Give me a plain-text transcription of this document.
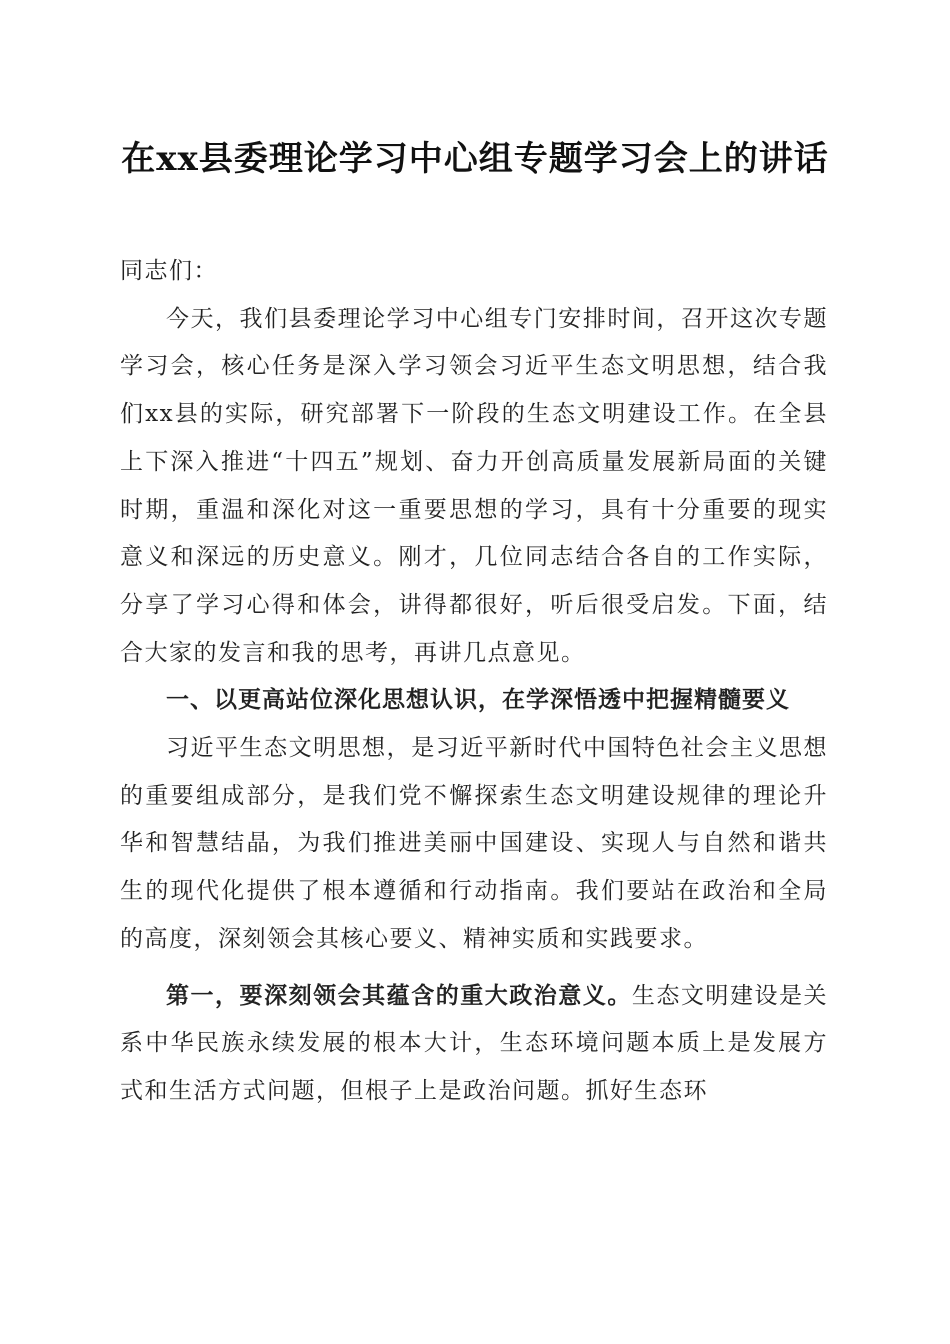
在xx县委理论学习中心组专题学习会上的讲话

同志们：

今天，我们县委理论学习中心组专门安排时间，召开这次专题学习会，核心任务是深入学习领会习近平生态文明思想，结合我们xx县的实际，研究部署下一阶段的生态文明建设工作。在全县上下深入推进“十四五”规划、奋力开创高质量发展新局面的关键时期，重温和深化对这一重要思想的学习，具有十分重要的现实意义和深远的历史意义。刚才，几位同志结合各自的工作实际，分享了学习心得和体会，讲得都很好，听后很受启发。下面，结合大家的发言和我的思考，再讲几点意见。

一、以更高站位深化思想认识，在学深悟透中把握精髓要义

习近平生态文明思想，是习近平新时代中国特色社会主义思想的重要组成部分，是我们党不懈探索生态文明建设规律的理论升华和智慧结晶，为我们推进美丽中国建设、实现人与自然和谐共生的现代化提供了根本遵循和行动指南。我们要站在政治和全局的高度，深刻领会其核心要义、精神实质和实践要求。

第一，要深刻领会其蕴含的重大政治意义。生态文明建设是关系中华民族永续发展的根本大计，生态环境问题本质上是发展方式和生活方式问题，但根子上是政治问题。抓好生态环
